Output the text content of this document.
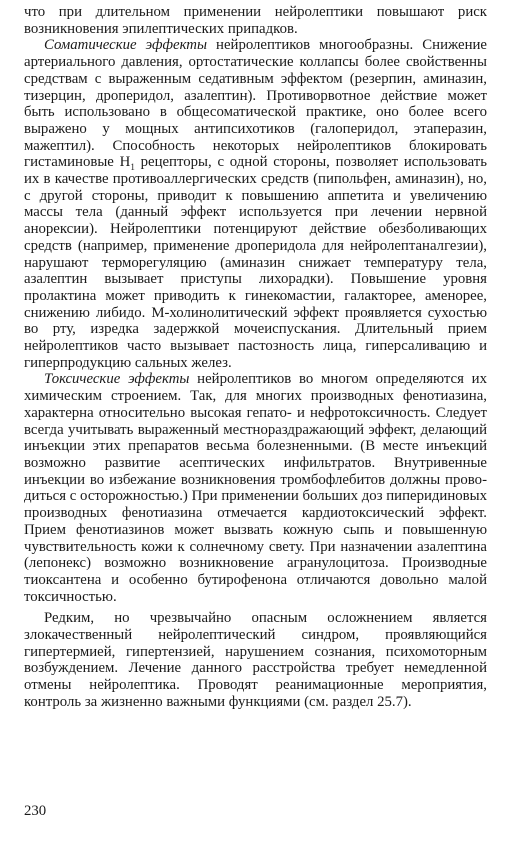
что при длительном применении нейролептики повышают риск возникновения эпилептических припадков.

Соматические эффекты нейролептиков многообразны. Снижение артериального давления, ортостатические коллапсы более свойственны средствам с выраженным седативным эффектом (резерпин, аминазин, тизерцин, дроперидол, азалептин). Противорвотное действие может быть использовано в общесоматической практике, оно более всего выражено у мощных антипсихотиков (галоперидол, этаперазин, мажептил). Способность некоторых нейролептиков блокировать гистаминовые $Н_1$ рецепторы, с одной стороны, позволяет использовать их в качестве противоаллергических средств (пипольфен, аминазин), но, с другой стороны, приводит к повышению аппетита и увеличению массы тела (данный эффект используется при лечении нервной анорексии). Нейролептики потенцируют действие обезболивающих средств (например, применение дроперидола для нейролептаналгезии), нарушают терморегуляцию (аминазин снижает температуру тела, азалептин вызывает приступы лихорадки). Повышение уровня пролактина может приводить к гинекомастии, галакторее, аменорее, снижению либидо. М-холинолитический эффект проявляется сухостью во рту, изредка задержкой мочеиспускания. Длительный прием нейролептиков часто вызывает пастозность лица, гиперсаливацию и гиперпродукцию сальных желез.

Токсические эффекты нейролептиков во многом определяются их химическим строением. Так, для многих производных фенотиазина, характерна относительно высокая гепато- и нефротоксичность. Следует всегда учитывать выраженный местнораздражающий эффект, делающий инъекции этих препаратов весьма болезненными. (В месте инъекций возможно развитие асептических инфильтратов. Внутривенные инъекции во избежание возникновения тромбофлебитов должны проводиться с осторожностью.) При применении больших доз пиперидиновых производных фенотиазина отмечается кардиотоксический эффект. Прием фенотиазинов может вызвать кожную сыпь и повышенную чувствительность кожи к солнечному свету. При назначении азалептина (лепонекс) возможно возникновение агранулоцитоза. Производные тиоксантена и особенно бутирофенона отличаются довольно малой токсичностью.

Редким, но чрезвычайно опасным осложнением является злокачественный нейролептический синдром, проявляющийся гипертермией, гипертензией, нарушением сознания, психомоторным возбуждением. Лечение данного расстройства требует немедленной отмены нейролептика. Проводят реанимационные мероприятия, контроль за жизненно важными функциями (см. раздел 25.7).

230
